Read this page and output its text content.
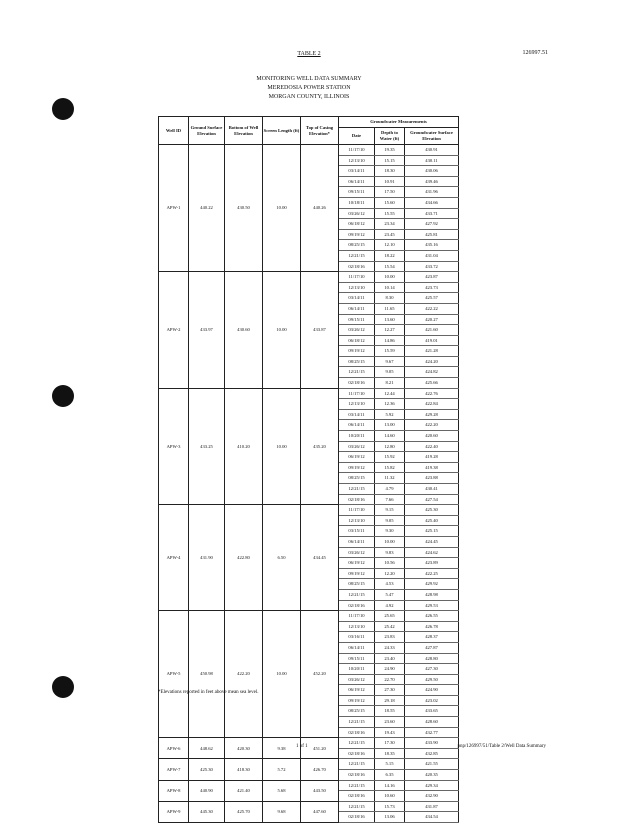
126997.51
TABLE 2
MONITORING WELL DATA SUMMARY
MEREDOSIA POWER STATION
MORGAN COUNTY, ILLINOIS
Well ID	Ground Surface Elevation	Bottom of Well Elevation	Screen Length (ft)	Top of Casing Elevation*	Groundwater Measurements		
					Date	Depth to Water (ft)	Groundwater Surface Elevation
APW-1	440.22	430.50	10.00	440.26	11/17/10	19.35	430.91
					12/13/10	15.15	430.11
					03/14/11	18.30	430.06
					06/14/11	10.91	439.46
					09/15/11	17.50	431.96
					10/18/11	15.60	434.66
					03/26/12	15.55	433.71
					06/18/12	23.34	427.92
					09/19/12	23.45	425.81
					08/25/15	12.10	435.16
					12/21/15	18.22	431.04
					02/18/16	15.54	433.72
APW-2	433.97	430.60	10.00	433.87	11/17/10	10.00	423.87
					12/13/10	10.14	423.73
					03/14/11	8.30	425.57
					06/14/11	11.65	422.22
					09/15/11	13.60	420.27
					03/26/12	12.27	421.60
					06/18/12	14.86	419.01
					09/19/12	15.59	421.28
					08/25/15	9.67	424.20
					12/21/15	9.05	424.82
					02/18/16	8.21	425.66
APW-3	433.25	410.20	10.00	435.20	11/17/10	12.44	422.76
					12/13/10	12.36	422.84
					03/14/11	5.92	429.28
					06/14/11	13.00	422.20
					10/20/11	14.60	420.60
					03/26/12	12.80	422.40
					06/19/12	15.92	419.28
					09/19/12	15.82	419.38
					08/25/15	11.32	423.88
					12/21/15	4.79	430.41
					02/18/16	7.66	427.54
APW-4	431.90	422.80	6.50	434.45	11/17/10	9.15	425.30
					12/13/10	9.05	425.40
					03/15/11	9.30	425.15
					06/14/11	10.00	424.45
					03/26/12	9.83	424.62
					06/19/12	10.56	423.89
					09/19/12	12.20	422.25
					08/25/15	4.53	429.92
					12/21/15	5.47	428.98
					02/18/16	4.92	429.53
APW-5	450.98	422.20	10.00	452.20	11/17/10	25.65	426.55
					12/13/10	25.42	426.78
					03/16/11	23.83	428.37
					06/14/11	24.33	427.87
					09/15/11	23.40	428.80
					10/20/11	24.90	427.30
					03/26/12	22.70	429.50
					06/19/12	27.30	424.90
					09/19/12	29.18	423.02
					08/25/15	18.55	433.65
					12/21/15	23.60	428.60
					02/18/16	19.43	432.77
APW-6	448.62	420.30	9.38	451.20	12/21/15	17.30	433.90
					02/18/16	18.35	432.85
APW-7	425.30	418.30	5.72	426.70	12/21/15	5.15	421.55
					02/18/16	6.35	420.35
APW-8	440.90	421.40	5.68	443.50	12/21/15	14.16	429.34
					02/18/16	10.60	432.90
APW-9	445.30	425.70	9.68	447.60	12/21/15	15.73	431.87
					02/18/16	13.06	434.54
*Elevations reported in feet above mean sea level.
1 of 1	pnp/126997/51/Table 2/Well Data Summary
